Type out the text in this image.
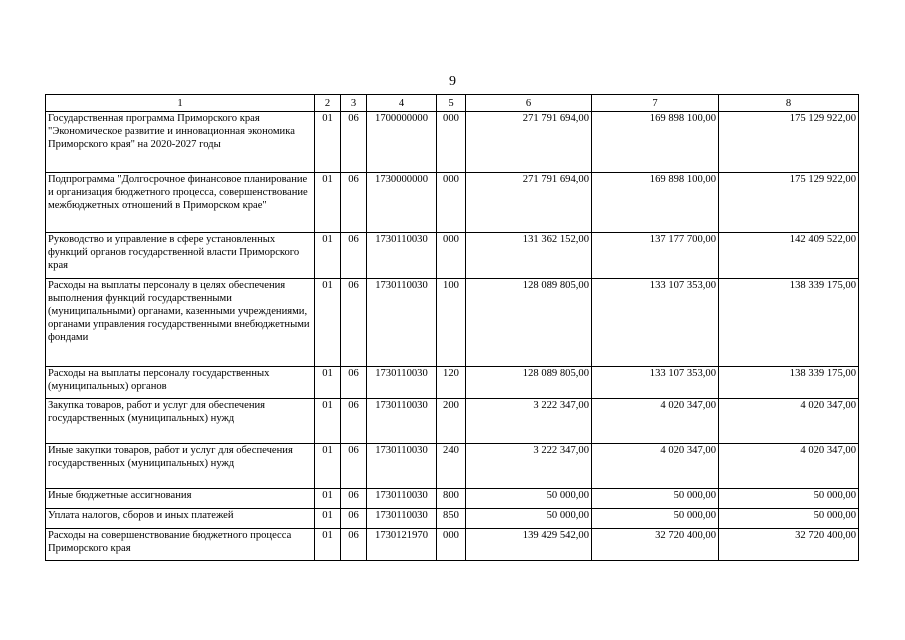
9
1	2	3	4	5	6	7	8
Государственная программа Приморского края "Экономическое развитие и инновационная экономика Приморского края" на 2020-2027 годы	01	06	1700000000	000	271 791 694,00	169 898 100,00	175 129 922,00
Подпрограмма "Долгосрочное финансовое планирование и организация бюджетного процесса, совершенствование межбюджетных отношений в Приморском крае"	01	06	1730000000	000	271 791 694,00	169 898 100,00	175 129 922,00
Руководство и управление в сфере установленных функций органов государственной власти Приморского края	01	06	1730110030	000	131 362 152,00	137 177 700,00	142 409 522,00
Расходы на выплаты персоналу в целях обеспечения выполнения функций государственными (муниципальными) органами, казенными учреждениями, органами управления государственными внебюджетными фондами	01	06	1730110030	100	128 089 805,00	133 107 353,00	138 339 175,00
Расходы на выплаты персоналу государственных (муниципальных) органов	01	06	1730110030	120	128 089 805,00	133 107 353,00	138 339 175,00
Закупка товаров, работ и услуг для обеспечения государственных (муниципальных) нужд	01	06	1730110030	200	3 222 347,00	4 020 347,00	4 020 347,00
Иные закупки товаров, работ и услуг для обеспечения государственных (муниципальных) нужд	01	06	1730110030	240	3 222 347,00	4 020 347,00	4 020 347,00
Иные бюджетные ассигнования	01	06	1730110030	800	50 000,00	50 000,00	50 000,00
Уплата налогов, сборов и иных платежей	01	06	1730110030	850	50 000,00	50 000,00	50 000,00
Расходы на совершенствование бюджетного процесса Приморского края	01	06	1730121970	000	139 429 542,00	32 720 400,00	32 720 400,00
